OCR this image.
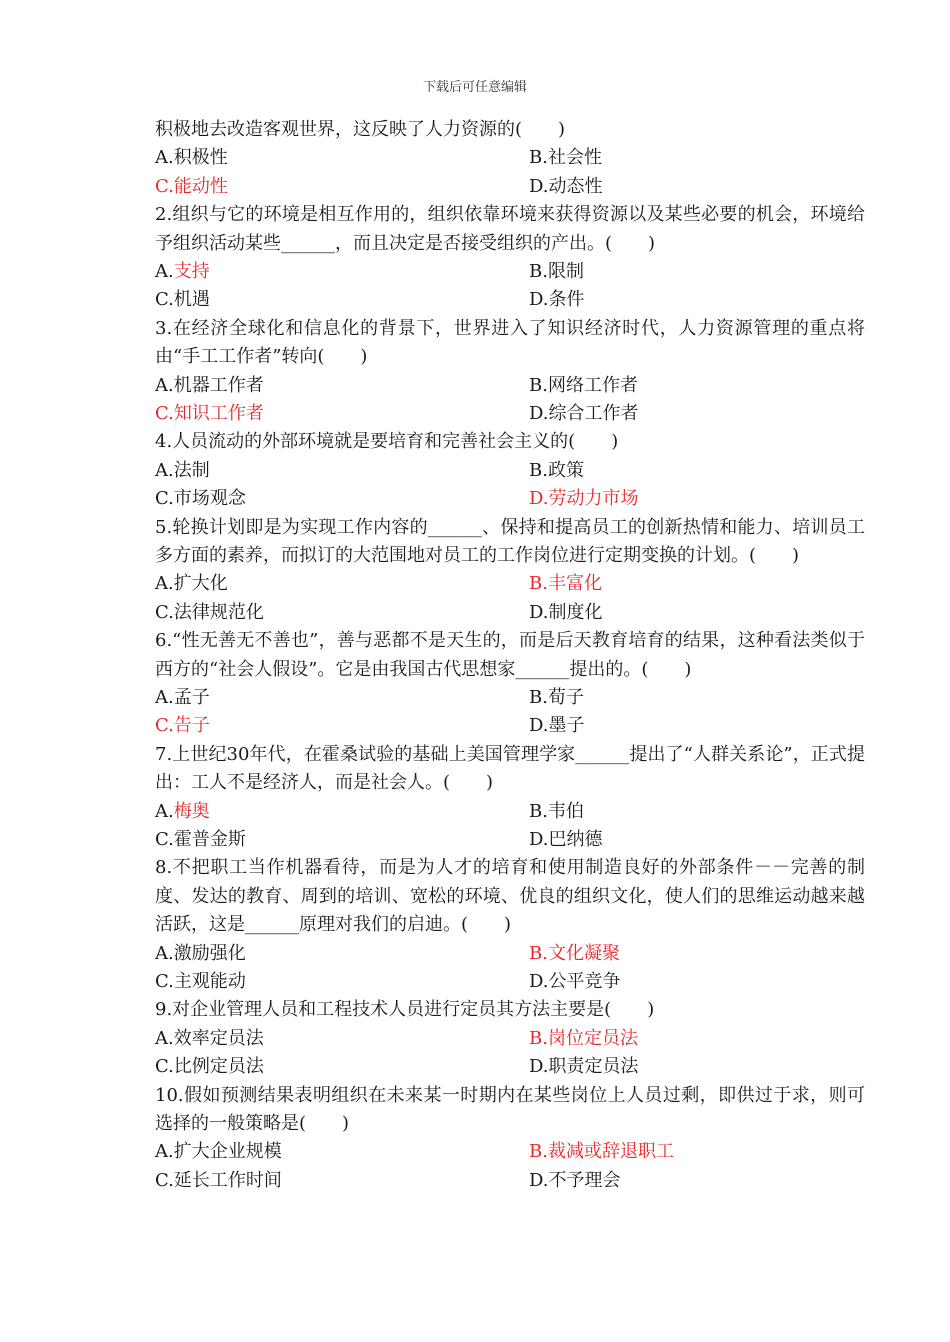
下载后可任意编辑
积极地去改造客观世界，这反映了人力资源的(　　)
A.积极性	B.社会性
C.能动性	D.动态性
2.组织与它的环境是相互作用的，组织依靠环境来获得资源以及某些必要的机会，环境给予组织活动某些______，而且决定是否接受组织的产出。(　　)
A.支持	B.限制
C.机遇	D.条件
3.在经济全球化和信息化的背景下，世界进入了知识经济时代，人力资源管理的重点将由“手工工作者”转向(　　)
A.机器工作者	B.网络工作者
C.知识工作者	D.综合工作者
4.人员流动的外部环境就是要培育和完善社会主义的(　　)
A.法制	B.政策
C.市场观念	D.劳动力市场
5.轮换计划即是为实现工作内容的______、保持和提高员工的创新热情和能力、培训员工多方面的素养，而拟订的大范围地对员工的工作岗位进行定期变换的计划。(　　)
A.扩大化	B.丰富化
C.法律规范化	D.制度化
6.“性无善无不善也”，善与恶都不是天生的，而是后天教育培育的结果，这种看法类似于西方的“社会人假设”。它是由我国古代思想家______提出的。(　　)
A.孟子	B.荀子
C.告子	D.墨子
7.上世纪30年代，在霍桑试验的基础上美国管理学家______提出了“人群关系论”，正式提出：工人不是经济人，而是社会人。(　　)
A.梅奥	B.韦伯
C.霍普金斯	D.巴纳德
8.不把职工当作机器看待，而是为人才的培育和使用制造良好的外部条件－－完善的制度、发达的教育、周到的培训、宽松的环境、优良的组织文化，使人们的思维运动越来越活跃，这是______原理对我们的启迪。(　　)
A.激励强化	B.文化凝聚
C.主观能动	D.公平竞争
9.对企业管理人员和工程技术人员进行定员其方法主要是(　　)
A.效率定员法	B.岗位定员法
C.比例定员法	D.职责定员法
10.假如预测结果表明组织在未来某一时期内在某些岗位上人员过剩，即供过于求，则可选择的一般策略是(　　)
A.扩大企业规模	B.裁减或辞退职工
C.延长工作时间	D.不予理会
